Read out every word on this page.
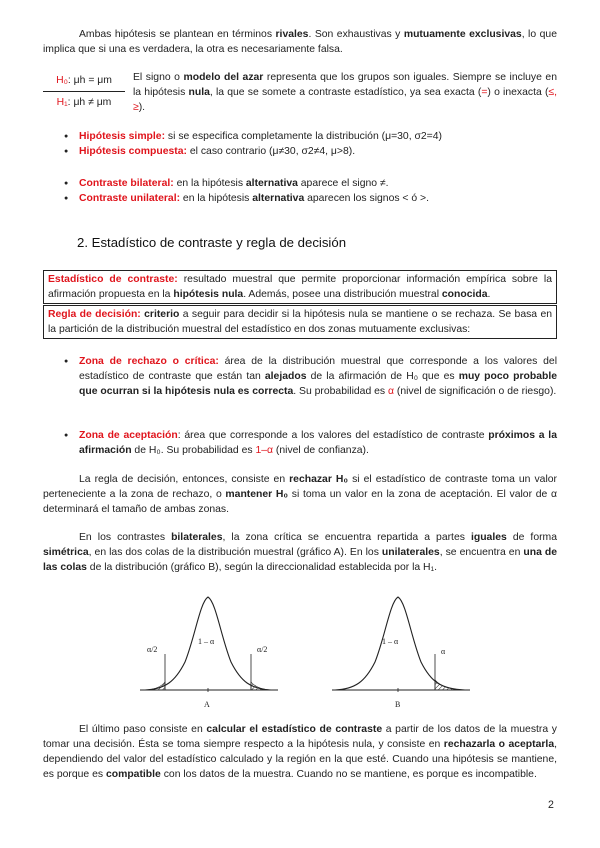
Ambas hipótesis se plantean en términos rivales. Son exhaustivas y mutuamente exclusivas, lo que implica que si una es verdadera, la otra es necesariamente falsa.

H₀: μh = μm
H₁: μh ≠ μm

El signo o modelo del azar representa que los grupos son iguales. Siempre se incluye en la hipótesis nula, la que se somete a contraste estadístico, ya sea exacta (=) o inexacta (≤, ≥).

● Hipótesis simple: si se especifica completamente la distribución (μ=30, σ2=4)
● Hipótesis compuesta: el caso contrario (μ≠30, σ2≠4, μ>8).
● Contraste bilateral: en la hipótesis alternativa aparece el signo ≠.
● Contraste unilateral: en la hipótesis alternativa aparecen los signos < ó >.
2. Estadístico de contraste y regla de decisión
Estadístico de contraste: resultado muestral que permite proporcionar información empírica sobre la afirmación propuesta en la hipótesis nula. Además, posee una distribución muestral conocida.
Regla de decisión: criterio a seguir para decidir si la hipótesis nula se mantiene o se rechaza. Se basa en la partición de la distribución muestral del estadístico en dos zonas mutuamente exclusivas:
● Zona de rechazo o crítica: área de la distribución muestral que corresponde a los valores del estadístico de contraste que están tan alejados de la afirmación de H₀ que es muy poco probable que ocurran si la hipótesis nula es correcta. Su probabilidad es α (nivel de significación o de riesgo).
● Zona de aceptación: área que corresponde a los valores del estadístico de contraste próximos a la afirmación de H₀. Su probabilidad es 1–α (nivel de confianza).

La regla de decisión, entonces, consiste en rechazar H₀ si el estadístico de contraste toma un valor perteneciente a la zona de rechazo, o mantener H₀ si toma un valor en la zona de aceptación. El valor de α determinará el tamaño de ambas zonas.

En los contrastes bilaterales, la zona crítica se encuentra repartida a partes iguales de forma simétrica, en las dos colas de la distribución muestral (gráfico A). En los unilaterales, se encuentra en una de las colas de la distribución (gráfico B), según la direccionalidad establecida por la H₁.

α/2
1 – α
α/2
A
1 – α
α
B

El último paso consiste en calcular el estadístico de contraste a partir de los datos de la muestra y tomar una decisión. Ésta se toma siempre respecto a la hipótesis nula, y consiste en rechazarla o aceptarla, dependiendo del valor del estadístico calculado y la región en la que esté. Cuando una hipótesis se mantiene, es porque es compatible con los datos de la muestra. Cuando no se mantiene, es porque es incompatible.

2
